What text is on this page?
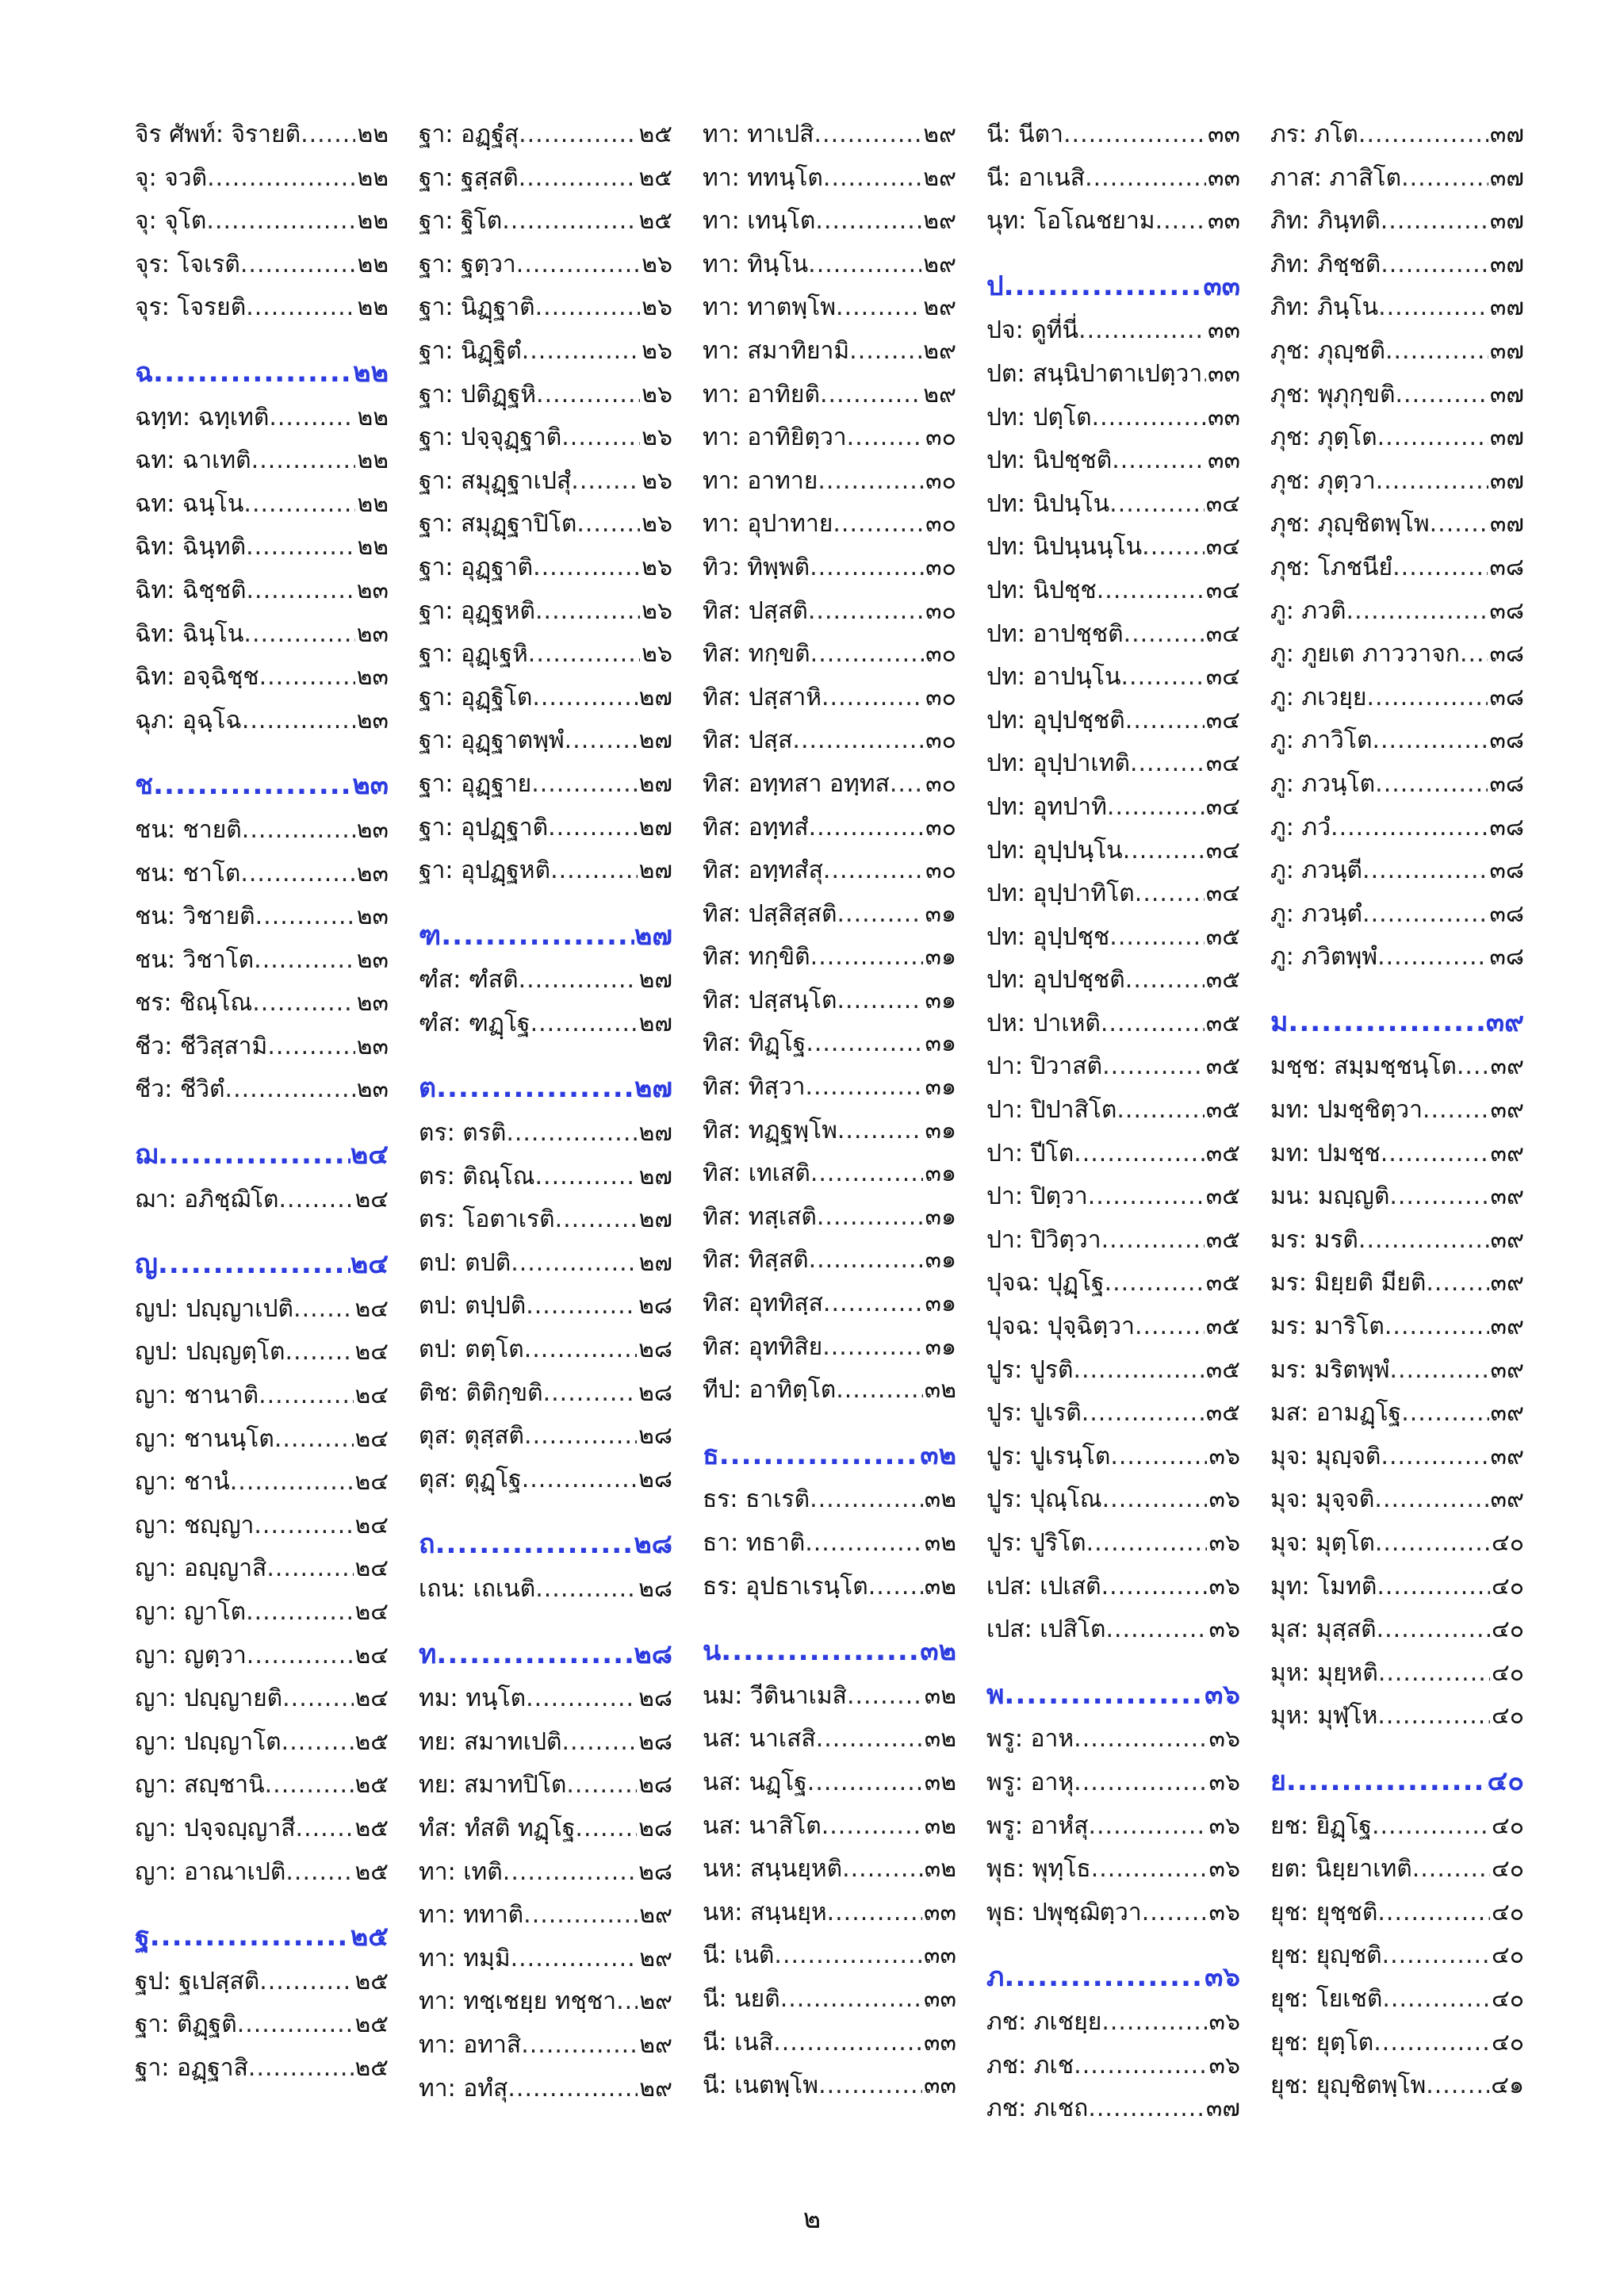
จิร ศัพท์: จิรายติ ..... ๒๒
จุ: จวติ .....	๒๒
จุ: จุโต .....	๒๒
จุร: โจเรติ .....	๒๒
จุร: โจรยติ .....	๒๒
ฉ .....	๒๒
ฉทฺท: ฉทฺเทติ .....	๒๒
ฉท: ฉาเทติ .....	๒๒
ฉท: ฉนฺโน .....	๒๒
ฉิท: ฉินฺทติ .....	๒๒
ฉิท: ฉิชฺชติ .....	๒๓
ฉิท: ฉินฺโน .....	๒๓
ฉิท: อจฺฉิชฺช .....	๒๓
ฉุภ: อุฉฺโฉ .....	๒๓
ช .....	๒๓
ชน: ชายติ .....	๒๓
ชน: ชาโต .....	๒๓
ชน: วิชายติ .....	๒๓
ชน: วิชาโต .....	๒๓
ชร: ชิณฺโณ .....	๒๓
ชีว: ชีวิสฺสามิ .....	๒๓
ชีว: ชีวิตํ .....	๒๓
ฌ .....	๒๔
ฌา: อภิชฺฌิโต .....	๒๔
ญ .....	๒๔
ญป: ปญฺญาเปติ .....	๒๔
ญป: ปญฺญตฺโต .....	๒๔
ญา: ชานาติ .....	๒๔
ญา: ชานนฺโต .....	๒๔
ญา: ชานํ .....	๒๔
ญา: ชญฺญา .....	๒๔
ญา: อญฺญาสิ .....	๒๔
ญา: ญาโต .....	๒๔
ญา: ญตฺวา .....	๒๔
ญา: ปญฺญายติ .....	๒๔
ญา: ปญฺญาโต .....	๒๕
ญา: สญฺชานิ .....	๒๕
ญา: ปจฺจญฺญาสี ..... ๒๕
ญา: อาณาเปติ .....	๒๕
ฐ .....	๒๕
ฐป: ฐเปสฺสติ .....	๒๕
ฐา: ติฏฺฐติ .....	๒๕
ฐา: อฏฺฐาสิ .....	๒๕
ฐา: อฏฺฐํสุ .....	๒๕
ฐา: ฐสฺสติ .....	๒๕
ฐา: ฐิโต .....	๒๕
ฐา: ฐตฺวา .....	๒๖
ฐา: นิฏฺฐาติ .....	๒๖
ฐา: นิฏฺฐิตํ .....	๒๖
ฐา: ปติฏฺฐหิ .....	๒๖
ฐา: ปจฺจุฏฺฐาติ .....	๒๖
ฐา: สมุฏฺฐาเปสุํ .....	๒๖
ฐา: สมุฏฺฐาปิโต .....	๒๖
ฐา: อุฏฺฐาติ .....	๒๖
ฐา: อุฏฺฐหติ .....	๒๖
ฐา: อุฏฺเฐหิ .....	๒๖
ฐา: อุฏฺฐิโต .....	๒๗
ฐา: อุฏฺฐาตพฺพํ .....	๒๗
ฐา: อุฏฺฐาย .....	๒๗
ฐา: อุปฏฺฐาติ .....	๒๗
ฐา: อุปฏฺฐหติ .....	๒๗
ฑ .....	๒๗
ฑํส: ฑํสติ .....	๒๗
ฑํส: ฑฏฺโฐ .....	๒๗
ต .....	๒๗
ตร: ตรติ .....	๒๗
ตร: ติณฺโณ .....	๒๗
ตร: โอตาเรติ .....	๒๗
ตป: ตปติ .....	๒๗
ตป: ตปฺปติ .....	๒๘
ตป: ตตฺโต .....	๒๘
ติช: ติติกฺขติ .....	๒๘
ตุส: ตุสฺสติ .....	๒๘
ตุส: ตุฏฺโฐ .....	๒๘
ถ .....	๒๘
เถน: เถเนติ .....	๒๘
ท .....	๒๘
ทม: ทนฺโต .....	๒๘
ทย: สมาทเปติ .....	๒๘
ทย: สมาทปิโต .....	๒๘
ทํส: ทํสติ ทฏฺโฐ .....	๒๘
ทา: เทติ .....	๒๘
ทา: ททาติ .....	๒๙
ทา: ทมฺมิ .....	๒๙
ทา: ทชฺเชยฺย ทชฺชา ..... ๒๙
ทา: อทาสิ .....	๒๙
ทา: อทํสุ .....	๒๙
ทา: ทาเปสิ .....	๒๙
ทา: ททนฺโต .....	๒๙
ทา: เทนฺโต .....	๒๙
ทา: ทินฺโน .....	๒๙
ทา: ทาตพฺโพ .....	๒๙
ทา: สมาทิยามิ .....	๒๙
ทา: อาทิยติ .....	๒๙
ทา: อาทิยิตฺวา .....	๓๐
ทา: อาทาย .....	๓๐
ทา: อุปาทาย .....	๓๐
ทิว: ทิพฺพติ .....	๓๐
ทิส: ปสฺสติ .....	๓๐
ทิส: ทกฺขติ .....	๓๐
ทิส: ปสฺสาหิ .....	๓๐
ทิส: ปสฺส .....	๓๐
ทิส: อทฺทสา อทฺทส ..... ๓๐
ทิส: อทฺทสํ .....	๓๐
ทิส: อทฺทสํสุ .....	๓๐
ทิส: ปสฺสิสฺสติ .....	๓๑
ทิส: ทกฺขิติ .....	๓๑
ทิส: ปสฺสนฺโต .....	๓๑
ทิส: ทิฏฺโฐ .....	๓๑
ทิส: ทิสฺวา .....	๓๑
ทิส: ทฏฺฐพฺโพ .....	๓๑
ทิส: เทเสติ .....	๓๑
ทิส: ทสฺเสติ .....	๓๑
ทิส: ทิสฺสติ .....	๓๑
ทิส: อุททิสฺส .....	๓๑
ทิส: อุททิสิย .....	๓๑
ทีป: อาทิตฺโต .....	๓๒
ธ .....	๓๒
ธร: ธาเรติ .....	๓๒
ธา: ทธาติ .....	๓๒
ธร: อุปธาเรนฺโต ..... ๓๒
น .....	๓๒
นม: วีตินาเมสิ .....	๓๒
นส: นาเสสิ .....	๓๒
นส: นฏฺโฐ .....	๓๒
นส: นาสิโต .....	๓๒
นห: สนฺนยฺหติ .....	๓๒
นห: สนฺนยฺห .....	๓๓
นี: เนติ .....	๓๓
นี: นยติ .....	๓๓
นี: เนสิ .....	๓๓
นี: เนตพฺโพ .....	๓๓
นี: นีตา .....	๓๓
นี: อาเนสิ .....	๓๓
นุท: โอโณชยาม ..... ๓๓
ป .....	๓๓
ปจ: ดูที่นี่ .....	๓๓
ปต: สนฺนิปาตาเปตฺวา ..... ๓๓
ปท: ปตฺโต .....	๓๓
ปท: นิปชฺชติ .....	๓๓
ปท: นิปนฺโน .....	๓๔
ปท: นิปนฺนนฺโน .....	๓๔
ปท: นิปชฺช .....	๓๔
ปท: อาปชฺชติ .....	๓๔
ปท: อาปนฺโน .....	๓๔
ปท: อุปฺปชฺชติ .....	๓๔
ปท: อุปฺปาเทติ .....	๓๔
ปท: อุทปาทิ .....	๓๔
ปท: อุปฺปนฺโน .....	๓๔
ปท: อุปฺปาทิโต .....	๓๔
ปท: อุปฺปชฺช .....	๓๕
ปท: อุปปชฺชติ .....	๓๕
ปห: ปาเหติ .....	๓๕
ปา: ปิวาสติ .....	๓๕
ปา: ปิปาสิโต .....	๓๕
ปา: ปีโต .....	๓๕
ปา: ปิตฺวา .....	๓๕
ปา: ปิวิตฺวา .....	๓๕
ปุจฉ: ปุฏฺโฐ .....	๓๕
ปุจฉ: ปุจฺฉิตฺวา .....	๓๕
ปูร: ปูรติ .....	๓๕
ปูร: ปูเรติ .....	๓๕
ปูร: ปูเรนฺโต .....	๓๖
ปูร: ปุณฺโณ .....	๓๖
ปูร: ปูริโต .....	๓๖
เปส: เปเสติ .....	๓๖
เปส: เปสิโต .....	๓๖
พ .....	๓๖
พรู: อาห .....	๓๖
พรู: อาหุ .....	๓๖
พรู: อาหํสุ .....	๓๖
พุธ: พุทฺโธ .....	๓๖
พุธ: ปพุชฺฌิตฺวา .....	๓๖
ภ .....	๓๖
ภช: ภเชยฺย .....	๓๖
ภช: ภเช .....	๓๖
ภช: ภเชถ .....	๓๗
ภร: ภโต .....	๓๗
ภาส: ภาสิโต .....	๓๗
ภิท: ภินฺทติ .....	๓๗
ภิท: ภิชฺชติ .....	๓๗
ภิท: ภินฺโน .....	๓๗
ภุช: ภุญฺชติ .....	๓๗
ภุช: พุภุกฺขติ .....	๓๗
ภุช: ภุตฺโต .....	๓๗
ภุช: ภุตฺวา .....	๓๗
ภุช: ภุญฺชิตพฺโพ .....	๓๗
ภุช: โภชนียํ .....	๓๘
ภู: ภวติ .....	๓๘
ภู: ภูยเต ภาววาจก ..... ๓๘
ภู: ภเวยฺย .....	๓๘
ภู: ภาวิโต .....	๓๘
ภู: ภวนฺโต .....	๓๘
ภู: ภวํ .....	๓๘
ภู: ภวนฺตี .....	๓๘
ภู: ภวนฺตํ .....	๓๘
ภู: ภวิตพฺพํ .....	๓๘
ม .....	๓๙
มชฺช: สมฺมชฺชนฺโต ..... ๓๙
มท: ปมชฺชิตฺวา .....	๓๙
มท: ปมชฺช .....	๓๙
มน: มญฺญติ .....	๓๙
มร: มรติ .....	๓๙
มร: มิยฺยติ มียติ .....	๓๙
มร: มาริโต .....	๓๙
มร: มริตพฺพํ .....	๓๙
มส: อามฏฺโฐ .....	๓๙
มุจ: มุญฺจติ .....	๓๙
มุจ: มุจฺจติ .....	๓๙
มุจ: มุตฺโต .....	๔๐
มุท: โมทติ .....	๔๐
มุส: มุสฺสติ .....	๔๐
มุห: มุยฺหติ .....	๔๐
มุห: มุฬฺโห .....	๔๐
ย .....	๔๐
ยช: ยิฏฺโฐ .....	๔๐
ยต: นิยฺยาเทติ .....	๔๐
ยุช: ยุชฺชติ .....	๔๐
ยุช: ยุญฺชติ .....	๔๐
ยุช: โยเชติ .....	๔๐
ยุช: ยุตฺโต .....	๔๐
ยุช: ยุญฺชิตพฺโพ .....	๔๑
๒
